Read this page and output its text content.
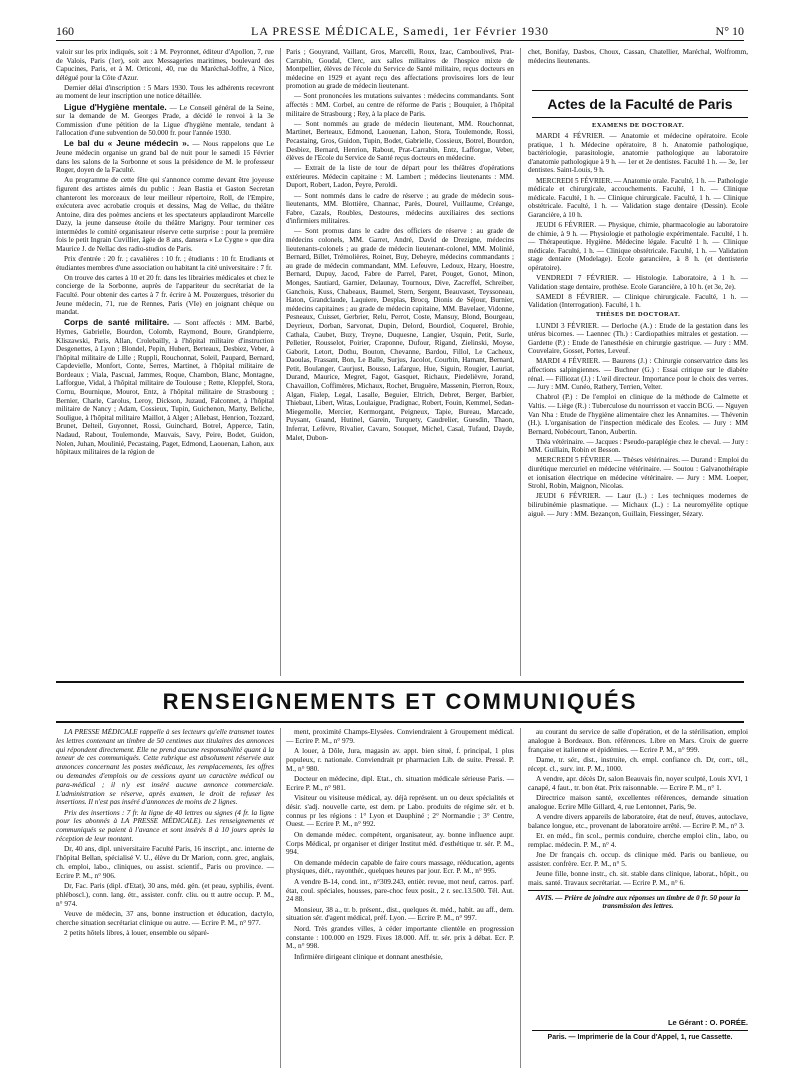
160	LA PRESSE MÉDICALE, Samedi, 1er Février 1930	N° 10

valoir sur les prix indiqués, soit : à M. Peyronnet, éditeur d'Apollon, 7, rue de Valois, Paris (1er), soit aux Messageries maritimes, boulevard des Capucines, Paris, et à M. Orticoni, 40, rue du Maréchal-Joffre, à Nice, délégué pour la Côte d'Azur.

Dernier délai d'inscription : 5 Mars 1930. Tous les adhérents recevront au moment de leur inscription une notice détaillée.

Ligue d'Hygiène mentale. — Le Conseil général de la Seine, sur la demande de M. Georges Prade, a décidé le renvoi à la 3e Commission d'une pétition de la Ligue d'hygiène mentale, tendant à l'allocation d'une subvention de 50.000 fr. pour l'année 1930.

Le bal du « Jeune médecin ». — Nous rappelons que Le Jeune médecin organise un grand bal de nuit pour le samedi 15 Février dans les salons de la Sorbonne et sous la présidence de M. le professeur Roger, doyen de la Faculté.

Au programme de cette fête qui s'annonce comme devant être joyeuse figurent des artistes aimés du public : Jean Bastia et Gaston Secretan chanteront les morceaux de leur meilleur répertoire, Roll, de l'Empire, exécutera avec acrobatie croquis et dessins, Mag de Vellac, du théâtre Antoine, dira des poèmes anciens et les spectateurs applaudiront Marcelle Dazy, la jeune danseuse étoile du théâtre Marigny. Pour terminer ces intermèdes le comité organisateur réserve cette surprise : pour la première fois le petit Ingrain Cuvillier, âgée de 8 ans, dansera « Le Cygne » que dira Maurice J. de Nellac des radio-studios de Paris.

Prix d'entrée : 20 fr. ; cavalières : 10 fr. ; étudiants : 10 fr. Etudiants et étudiantes membres d'une association ou habitant la cité universitaire : 7 fr.

On trouve des cartes à 10 et 20 fr. dans les librairies médicales et chez le concierge de la Sorbonne, auprès de l'appariteur du secrétariat de la Faculté. Pour obtenir des cartes à 7 fr. écrire à M. Pouzergues, trésorier du Jeune médecin, 71, rue de Rennes, Paris (VIe) en joignant chèque ou mandat.

Corps de santé militaire. — Sont affectés : MM. Barbé, Hymes, Gabrielle, Bourdon, Colomb, Raymond, Boure, Grandpierre, Kliszawski, Paris, Allan, Crolebailly, à l'hôpital militaire d'instruction Desgenettes, à Lyon ; Blondel, Pepin, Hubert, Berteaux, Desbiez, Veber, à l'hôpital militaire de Lille ; Ruppli, Rouchonnat, Soleil, Paupard, Bernard, Capdevielle, Monfort, Conte, Serres, Martinet, à l'hôpital militaire de Bordeaux ; Viala, Pascual, Jammes, Roque, Chambon, Blanc, Montagne, Lafforgue, Vidal, à l'hôpital militaire de Toulouse ; Rette, Kleppfel, Stora, Cornu, Bournique, Mourot, Entz, à l'hôpital militaire de Strasbourg ; Bernier, Charle, Carolus, Leroy, Dickson, Juzaud, Falconnet, à l'hôpital militaire de Nancy ; Adam, Cossieux, Tupin, Guichenon, Marty, Beliche, Souligue, à l'hôpital militaire Maillot, à Alger ; Allebast, Henrion, Tozzard, Brunet, Delteil, Guyonnet, Rossi, Guinchard, Botrel, Apperce, Tatin, Nadaud, Rabout, Toulemonde, Mauvais, Savy, Peire, Bodet, Guidon, Nolen, Juhan, Moulinié, Pecastaing, Paget, Edmond, Laouenan, Lahon, aux hôpitaux militaires de la région de

Paris ; Gouyrand, Vaillant, Gros, Marcelli, Roux, Izac, Cambouliveš, Prat-Carrabin, Goudal, Clerc, aux salles militaires de l'hospice mixte de Montpellier, élèves de l'école du Service de Santé militaire, reçus docteurs en médecine en 1929 et ayant reçu des affectations provisoires lors de leur promotion au grade de médecin lieutenant.

— Sont prononcées les mutations suivantes : médecins commandants. Sont affectés : MM. Corbel, au centre de réforme de Paris ; Bouquier, à l'hôpital militaire de Strasbourg ; Rey, à la place de Paris.

— Sont nommés au grade de médecin lieutenant, MM. Rouchonnat, Martinet, Berteaux, Edmond, Laouenan, Lahon, Stora, Toulemonde, Rossi, Pecastaing, Gros, Guidon, Tupin, Bodet, Gabrielle, Cossieux, Botrel, Bourdon, Desbiez, Bernard, Henrion, Rabout, Prat-Carrabin, Entz, Lafforgue, Veber, élèves de l'Ecole du Service de Santé reçus docteurs en médecine.

— Extrait de la liste de tour de départ pour les théâtres d'opérations extérieures. Médecin capitaine : M. Lambert ; médecins lieutenants : MM. Duport, Robert, Ladon, Peyre, Peroldi.

— Sont nommés dans le cadre de réserve ; au grade de médecin sous-lieutenants, MM. Blottière, Channac, Parès, Dourel, Vuillaume, Créange, Fabre, Cazals, Roubles, Destoures, médecins auxiliaires des sections d'infirmiers militaires.

— Sont promus dans le cadre des officiers de réserve : au grade de médecins colonels, MM. Garret, André, David de Drezigne, médecins lieutenants-colonels ; au grade de médecin lieutenant-colonel, MM. Molinié, Bernard, Billet, Trémolières, Roinet, Buy, Deheyre, médecins commandants ; au grade de médecin commandant, MM. Lefeuvre, Ledoux, Hzary, Hoestre, Bernard, Dupuy, Jacod, Fabre de Parrel, Paret, Pouget, Gonot, Minon, Monges, Sautiard, Garnier, Delaunay, Tournoux, Dive, Zacreffel, Schreiber, Ganchois, Kuss, Chabeaux, Baumel, Stern, Sergent, Beauvaset, Teyssoneau, Haton, Grandclaude, Laquiere, Desplas, Brocq, Dionis de Séjour, Burnier, médecins capitaines ; au grade de médecin capitaine, MM. Bavelaer, Vidonne, Pesneaux, Cuisset, Gerbrier, Relu, Perrot, Coste, Mansuy, Blond, Bourgeau, Deyrieux, Dorban, Sarvonat, Dupin, Delord, Bourdiol, Coquerel, Brohie, Cathala, Caubet, Buzy, Treyne, Duquesne, Langier, Usquin, Petit, Surle, Pelletier, Rousselot, Poirier, Craponne, Dufour, Rigand, Zielinski, Moyse, Gaborit, Letort, Dothu, Bouton, Chevanne, Bardou, Fillol, Le Cacheux, Daoulas, Frassant, Bon, Le Balle, Surjus, Jacolot, Courbin, Hamant, Bernard, Petit, Boulanger, Caurjust, Bousso, Lafargue, Hue, Siguin, Rougier, Lauriat, Durand, Maurice, Megret, Fagot, Gasquet, Richaux, Piedelièvre, Jorand, Chavaillon, Coffimères, Michaux, Rochet, Bruguère, Massenin, Pierron, Roux, Algan, Fialep, Legal, Lasalle, Beguier, Eltrich, Debret, Berger, Barbier, Thiebaut, Libert, Witas, Loulaigue, Pradignac, Robert, Fouin, Kemmel, Sedan-Miegemolle, Mercier, Kermorgant, Peigneux, Tapie, Bureau, Marcade, Puysant, Guand, Hutinel, Garein, Turquety, Caudrelier, Guesdin, Thaon, Inferrat, Lefèvre, Rivalier, Cavaro, Souquet, Michel, Casal, Tufaud, Dayde, Malet, Dubon-

chet, Bonifay, Dasbos, Choux, Cassan, Chatellier, Maréchal, Wolfromm, médecins lieutenants.

Actes de la Faculté de Paris

EXAMENS DE DOCTORAT.

MARDI 4 FÉVRIER. — Anatomie et médecine opératoire. Ecole pratique, 1 h. Médecine opératoire, 8 h. Anatomie pathologique, bactériologie, parasitologie, anatomie pathologique au laboratoire d'anatomie pathologique à 9 h. — 1er et 2e dentistes. Faculté 1 h. — 3e, 1er dentistes. Saint-Louis, 9 h.

MERCREDI 5 FÉVRIER. — Anatomie orale. Faculté, 1 h. — Pathologie médicale et chirurgicale, accouchements. Faculté, 1 h. — Clinique médicale. Faculté, 1 h. — Clinique chirurgicale. Faculté, 1 h. — Clinique obstétricale. Faculté, 1 h. — Validation stage dentaire (Dessin). Ecole Garancière, à 10 h.

JEUDI 6 FÉVRIER. — Physique, chimie, pharmacologie au laboratoire de chimie, à 9 h. — Physiologie et pathologie expérimentale. Faculté, 1 h. — Thérapeutique. Hygiène. Médecine légale. Faculté 1 h. — Clinique médicale. Faculté, 1 h. — Clinique obstétricale. Faculté, 1 h. — Validation stage dentaire (Modelage). Ecole garancière, à 8 h. (et dentisterie opératoire).

VENDREDI 7 FÉVRIER. — Histologie. Laboratoire, à 1 h. — Validation stage dentaire, prothèse. Ecole Garancière, à 10 h. (et 3e, 2e).

SAMEDI 8 FÉVRIER. — Clinique chirurgicale. Faculté, 1 h. — Validation (Interrogation). Faculté, 1 h.

THÈSES DE DOCTORAT.

LUNDI 3 FÉVRIER. — Derloche (A.) : Etude de la gestation dans les utérus bicornes. — Laennec (Th.) : Cardiopathies mitrales et gestation. — Gardette (P.) : Etude de l'anesthésie en chirurgie gastrique. — Jury : MM. Couvelaire, Gosset, Portes, Leveuf.

MARDI 4 FÉVRIER. — Baurens (J.) : Chirurgie conservatrice dans les affections salpingiennes. — Buchner (G.) : Essai critique sur le diabète rénal. — Filliozat (J.) : L'œil directeur. Importance pour le choix des verres. — Jury : MM. Cunéo, Rathery, Terrien, Velter.

Chabrol (P.) : De l'emploi en clinique de la méthode de Calmette et Valtis. — Liège (R.) : Tuberculose du nourrisson et vaccin BCG. — Nguyen Van Nha : Etude de l'hygiène alimentaire chez les Annamites. — Thévenin (H.). L'organisation de l'inspection médicale des Ecoles. — Jury : MM Bernard, Nobécourt, Tanon, Aubertin.

Théa vétérinaire. — Jacques : Pseudo-paraplégie chez le cheval. — Jury : MM. Guillain, Robin et Besson.

MERCREDI 5 FÉVRIER. — Thèses vétérinaires. — Durand : Emploi du diurétique mercuriel en médecine vétérinaire. — Soutou : Galvanothérapie et ionisation électrique en médecine vétérinaire. — Jury : MM. Loeper, Strohl, Robin, Maignon, Nicolas.

JEUDI 6 FÉVRIER. — Laur (L.) : Les techniques modernes de bilirubinémie plasmatique. — Michaux (L.) : La neuromyélite optique aiguë. — Jury : MM. Bezançon, Guillain, Fiessinger, Sézary.

RENSEIGNEMENTS ET COMMUNIQUÉS

LA PRESSE MÉDICALE rappelle à ses lecteurs qu'elle transmet toutes les lettres contenant un timbre de 50 centimes aux titulaires des annonces qui répondent directement. Elle ne prend aucune responsabilité quant à la teneur de ces communiqués. Cette rubrique est absolument réservée aux annonces concernant les postes médicaux, les remplacements, les offres ou demandes d'emplois ou de cessions ayant un caractère médical ou para-médical ; il n'y est inséré aucune annonce commerciale. L'administration se réserve, après examen, le droit de refuser les insertions. Il n'est pas inséré d'annonces de moins de 2 lignes.

Prix des insertions : 7 fr. la ligne de 40 lettres ou signes (4 fr. la ligne pour les abonnés à LA PRESSE MÉDICALE). Les renseignements et communiqués se paient à l'avance et sont insérés 8 à 10 jours après la réception de leur montant.

Dr, 40 ans, dipl. universitaire Faculté Paris, 16 inscript., anc. interne de l'hôpital Bellan, spécialisé V. U., élève du Dr Marion, conn. grec, anglais, ch. emploi, labo., cliniques, ou assist. scientif., Paris ou province. — Ecrire P. M., n° 906.

Dr, Fac. Paris (dipl. d'Etat), 30 ans, méd. gén. (et peau, syphilis, évent. phléboscl.), conn. lang. étr., assister. confr. cliu. ou tt autre occup. P. M., n° 974.

Veuve de médecin, 37 ans, bonne instruction et éducation, dactylo, cherche situation secrétariat clinique ou autre. — Ecrire P. M., n° 977.

2 petits hôtels libres, à louer, ensemble ou séparé-

ment, proximité Champs-Elysées. Conviendraient à Groupement médical. — Ecrire P. M., n° 979.

A louer, à Dôle, Jura, magasin av. appt. bien situé, f. principal, 1 plus populeux, r. nationale. Conviendrait pr pharmacien Lib. de suite. Pressé. P. M., n° 980.

Docteur en médecine, dipl. Etat., ch. situation médicale sérieuse Paris. — Ecrire P. M., n° 981.

Visiteur ou visiteuse médical, ay. déjà représent. un ou deux spécialités et désir. s'adj. nouvelle carte, est dem. pr Labo. produits de régime sér. et b. connus pr les régions : 1° Lyon et Dauphiné ; 2° Normandie ; 3° Centre, Ouest. — Ecrire P. M., n° 992.

On demande médec. compétent, organisateur, ay. bonne influence aupr. Corps Médical, pr organiser et diriger Institut méd. d'esthétique tr. sér. P. M., 994.

On demande médecin capable de faire cours massage, rééducation, agents physiques, diét., rayonthér., quelques heures par jour. Ecr. P. M., n° 995.

A vendre B-14, cond. int., n°309.243, entièr. revue, mot neuf, carros. parf. état, coul. spéciales, housses, pare-choc feux posit., 2 r. sec.13.500. Tél. Aut. 24 88.

Monsieur, 38 a., tr. b. présent., dist., quelques ét. méd., habit. au aff., dem. situation sér. d'agent médical, préf. Lyon. — Ecrire P. M., n° 997.

Nord. Très grandes villes, à céder importante clientèle en progression constante : 100.000 en 1929. Fixes 18.000. Aff. tr. sér. prix à débat. Ecr. P. M., n° 998.

Infirmière dirigeant clinique et donnant anesthésie,

au courant du service de salle d'opération, et de la stérilisation, emploi analogue à Bordeaux. Bon. références. Libre en Mars. Croix de guerre française et italienne et épidémies. — Ecrire P. M., n° 999.

Dame, tr. sér., dist., instruite, ch. empl. confiance ch. Dr, corr., tél., récept. cl., surv. int. P. M., 1000.

A vendre, apr. décès Dr, salon Beauvais fin, noyer sculpté, Louis XVI, 1 canapé, 4 faut., tr. bon état. Prix raisonnable. — Ecrire P. M., n° 1.

Directrice maison santé, excellentes références, demande situation analogue. Ecrire Mlle Gillard, 4, rue Lentonnet, Paris, 9e.

A vendre divers appareils de laboratoire, état de neuf, étuves, autoclave, balance longue, etc., provenant de laboratoire arrêté. — Ecrire P. M., n° 3.

Et. en méd., fin scol., permis conduire, cherche emploi clin., labo, ou remplac. médecin. P. M., n° 4.

Jne Dr français ch. occup. ds clinique méd. Paris ou banlieue, ou assister. confrère. Ecr. P. M., n° 5.

Jeune fille, bonne instr., ch. sit. stable dans clinique, laborat., hôpit., ou mais. santé. Travaux secrétariat. — Ecrire P. M., n° 6.

AVIS. — Prière de joindre aux réponses un timbre de 0 fr. 50 pour la transmission des lettres.

Le Gérant : O. PORÉE.
Paris. — Imprimerie de la Cour d'Appel, 1, rue Cassette.
